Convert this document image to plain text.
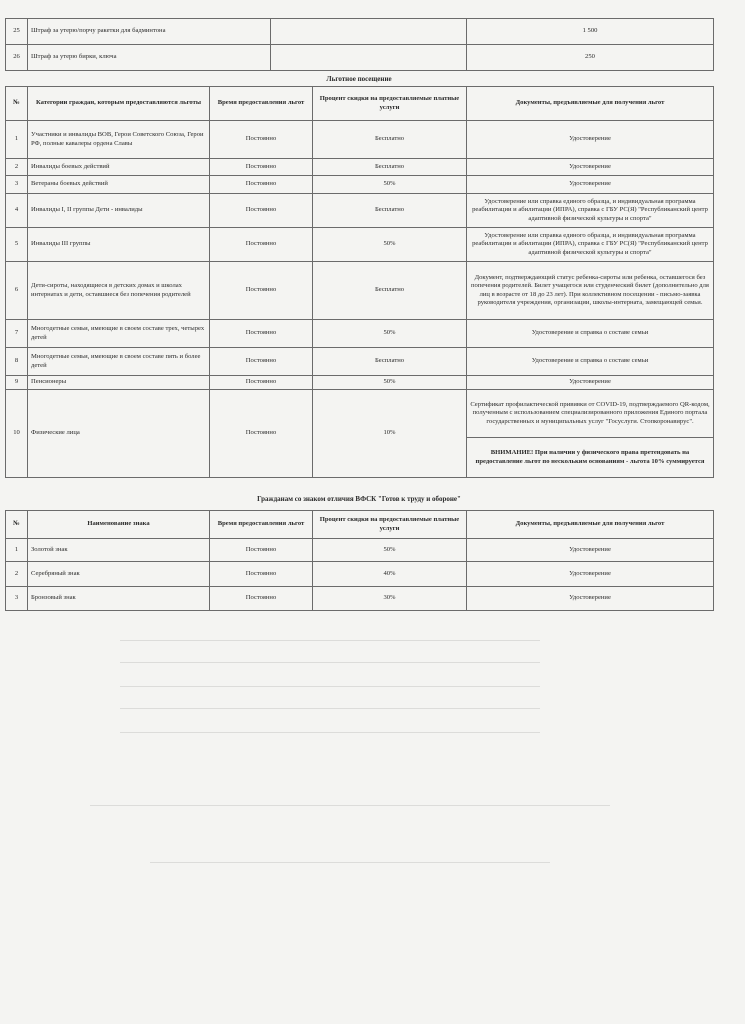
25	Штраф за утерю/порчу ракетки для бадминтона		1 500
26	Штраф за утерю бирки, ключа		250
Льготное посещение
№	Категории граждан, которым предоставляются льготы	Время предоставления льгот	Процент скидки на предоставляемые платные услуги	Документы, предъявляемые для получения льгот
1	Участники и инвалиды ВОВ, Герои Советского Союза, Герои РФ, полные кавалеры ордена Славы	Постоянно	Бесплатно	Удостоверение
2	Инвалиды боевых действий	Постоянно	Бесплатно	Удостоверение
3	Ветераны боевых действий	Постоянно	50%	Удостоверение
4	Инвалиды I, II группы Дети - инвалиды	Постоянно	Бесплатно	Удостоверение или справка единого образца, и индивидуальная программа реабилитации и абилитации (ИПРА), справка с ГБУ РС(Я) "Республиканский центр адаптивной физической культуры и спорта"
5	Инвалиды III группы	Постоянно	50%	Удостоверение или справка единого образца, и индивидуальная программа реабилитации и абилитации (ИПРА), справка с ГБУ РС(Я) "Республиканский центр адаптивной физической культуры и спорта"
6	Дети-сироты, находящиеся в детских домах и школах интернатах и дети, оставшиеся без попечения родителей	Постоянно	Бесплатно	Документ, подтверждающий статус ребенка-сироты или ребенка, оставшегося без попечения родителей. Билет учащегося или студенческий билет (дополнительно для лиц в возрасте от 18 до 23 лет). При коллективном посещении - письмо-заявка руководителя учреждения, организации, школы-интерната, замещающей семьи.
7	Многодетные семьи, имеющие в своем составе трех, четырех детей	Постоянно	50%	Удостоверение и справка о составе семьи
8	Многодетные семьи, имеющие в своем составе пять и более детей	Постоянно	Бесплатно	Удостоверение и справка о составе семьи
9	Пенсионеры	Постоянно	50%	Удостоверение
10	Физические лица	Постоянно	10%	Сертификат профилактической прививки от COVID-19, подтверждаемого QR-кодом, полученным с использованием специализированного приложения Единого портала государственных и муниципальных услуг "Госуслуги. Стопкоронавирус".
				ВНИМАНИЕ! При наличии у физического права претендовать на предоставление льгот по нескольким основаниям - льгота 10% суммируется
Гражданам со знаком отличия ВФСК "Готов к труду и обороне"
№	Наименование знака	Время предоставления льгот	Процент скидки на предоставляемые платные услуги	Документы, предъявляемые для получения льгот
1	Золотой знак	Постоянно	50%	Удостоверение
2	Серебряный знак	Постоянно	40%	Удостоверение
3	Бронзовый знак	Постоянно	30%	Удостоверение
